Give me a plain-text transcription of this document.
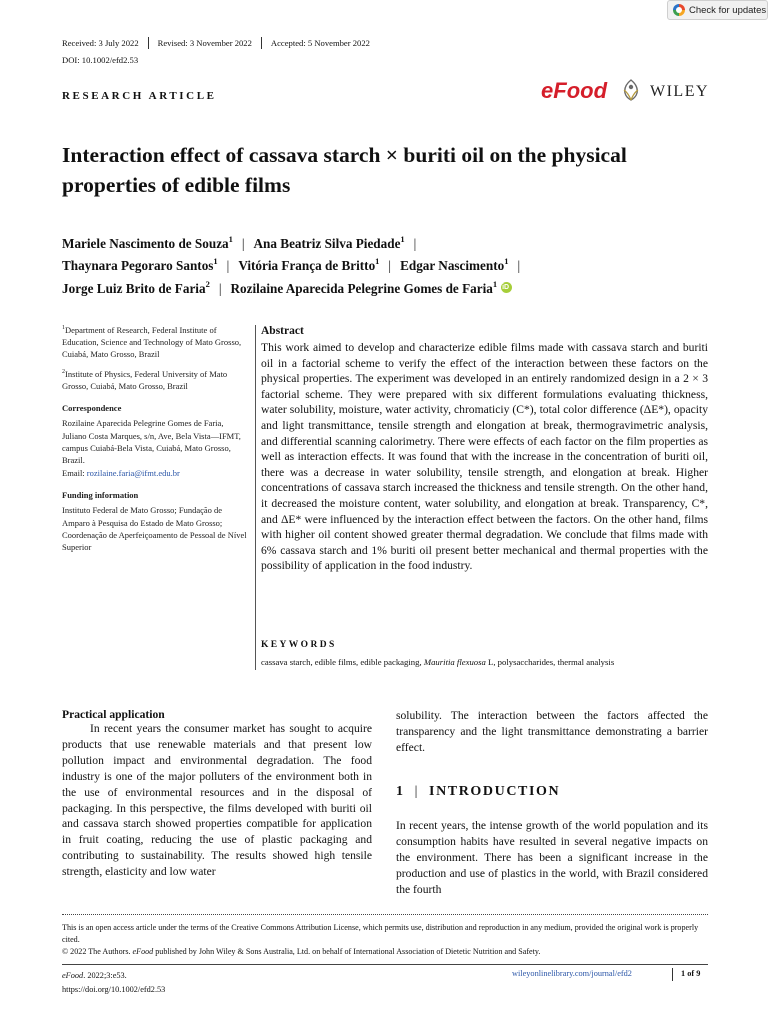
Check for updates
Received: 3 July 2022 Revised: 3 November 2022 Accepted: 5 November 2022
DOI: 10.1002/efd2.53
RESEARCH ARTICLE	eFood	WILEY
Interaction effect of cassava starch × buriti oil on the physical properties of edible films
Mariele Nascimento de Souza$^1$ | Ana Beatriz Silva Piedade$^1$ |
Thaynara Pegoraro Santos$^1$ | Vitória França de Britto$^1$ | Edgar Nascimento$^1$ |
Jorge Luiz Brito de Faria$^2$ | Rozilaine Aparecida Pelegrine Gomes de Faria$^1$iD

$^1$Department of Research, Federal Institute of Education, Science and Technology of Mato Grosso, Cuiabá, Mato Grosso, Brazil

$^2$Institute of Physics, Federal University of Mato Grosso, Cuiabá, Mato Grosso, Brazil

Correspondence

Rozilaine Aparecida Pelegrine Gomes de Faria, Juliano Costa Marques, s/n, Ave, Bela Vista—IFMT, campus Cuiabá-Bela Vista, Cuiabá, Mato Grosso, Brazil.
Email: rozilaine.faria@ifmt.edu.br

Funding information

Instituto Federal de Mato Grosso; Fundação de Amparo à Pesquisa do Estado de Mato Grosso; Coordenação de Aperfeiçoamento de Pessoal de Nível Superior

Abstract
This work aimed to develop and characterize edible films made with cassava starch and buriti oil in a factorial scheme to verify the effect of the interaction between these factors on the physical properties. The experiment was developed in an entirely randomized design in a 2 × 3 factorial scheme. They were prepared with six different formulations evaluating thickness, water solubility, moisture, water activity, chromaticiy (C*), total color difference (ΔE*), opacity and light transmittance, tensile strength and elongation at break, thermogravimetric analysis, and differential scanning calorimetry. There were effects of each factor on the film properties as well as interaction effects. It was found that with the increase in the concentration of buriti oil, there was a decrease in water solubility, tensile strength, and elongation at break. Higher concentrations of cassava starch increased the thickness and tensile strength. On the other hand, it decreased the moisture content, water solubility, and elongation at break. Transparency, C*, and ΔE* were influenced by the interaction effect between the factors. On the other hand, films with higher oil content showed greater thermal degradation. We conclude that films made with 6% cassava starch and 1% buriti oil present better mechanical and thermal properties with the possibility of application in the food industry.
KEYWORDS
cassava starch, edible films, edible packaging, Mauritia flexuosa L, polysaccharides, thermal analysis
Practical application
In recent years the consumer market has sought to acquire products that use renewable materials and that present low pollution impact and environmental degradation. The food industry is one of the major polluters of the environment both in the use of environmental resources and in the disposal of packaging. In this perspective, the films developed with buriti oil and cassava starch showed properties compatible for application in fruit coating, reducing the use of plastic packaging and contributing to sustainability. The results showed high tensile strength, elasticity and low water
solubility. The interaction between the factors affected the transparency and the light transmittance demonstrating a barrier effect.
1 | INTRODUCTION
In recent years, the intense growth of the world population and its consumption habits have resulted in several negative impacts on the environment. There has been a significant increase in the production and use of plastics in the world, with Brazil considered the fourth
This is an open access article under the terms of the Creative Commons Attribution License, which permits use, distribution and reproduction in any medium, provided the original work is properly cited.
© 2022 The Authors. eFood published by John Wiley & Sons Australia, Ltd. on behalf of International Association of Dietetic Nutrition and Safety.
eFood. 2022;3:e53.
https://doi.org/10.1002/efd2.53
wileyonlinelibrary.com/journal/efd2	1 of 9
